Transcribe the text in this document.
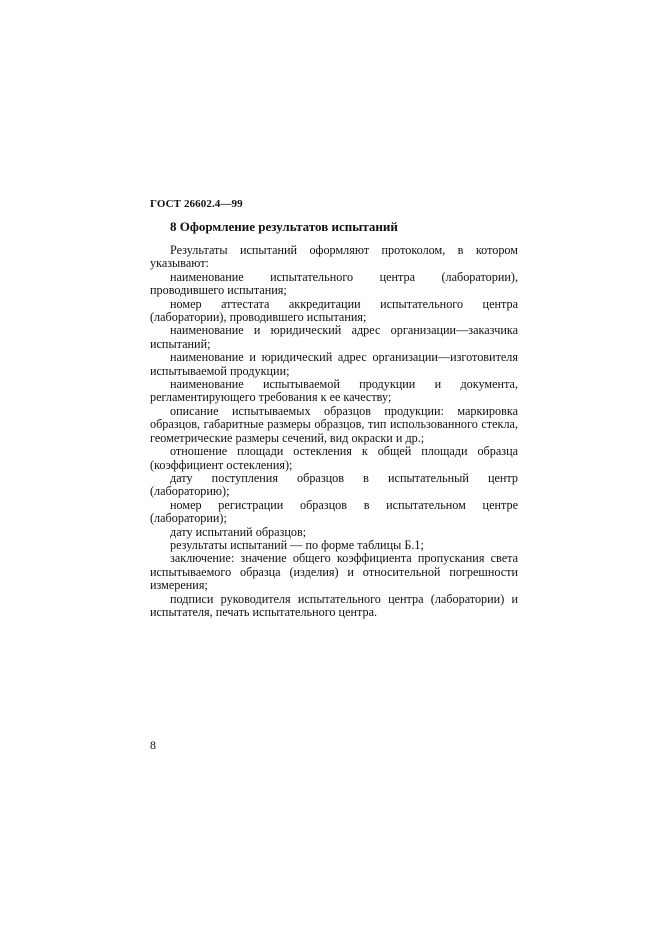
ГОСТ 26602.4—99
8 Оформление результатов испытаний

Результаты испытаний оформляют протоколом, в котором указывают:

наименование испытательного центра (лаборатории), проводившего испытания;

номер аттестата аккредитации испытательного центра (лаборатории), проводившего испытания;

наименование и юридический адрес организации—заказчика испытаний;

наименование и юридический адрес организации—изготовителя испытываемой продукции;

наименование испытываемой продукции и документа, регламентирующего требования к ее качеству;

описание испытываемых образцов продукции: маркировка образцов, габаритные размеры образцов, тип использованного стекла, геометрические размеры сечений, вид окраски и др.;

отношение площади остекления к общей площади образца (коэффициент остекления);

дату поступления образцов в испытательный центр (лабораторию);

номер регистрации образцов в испытательном центре (лаборатории);

дату испытаний образцов;

результаты испытаний — по форме таблицы Б.1;

заключение: значение общего коэффициента пропускания света испытываемого образца (изделия) и относительной погрешности измерения;

подписи руководителя испытательного центра (лаборатории) и испытателя, печать испытательного центра.

8
